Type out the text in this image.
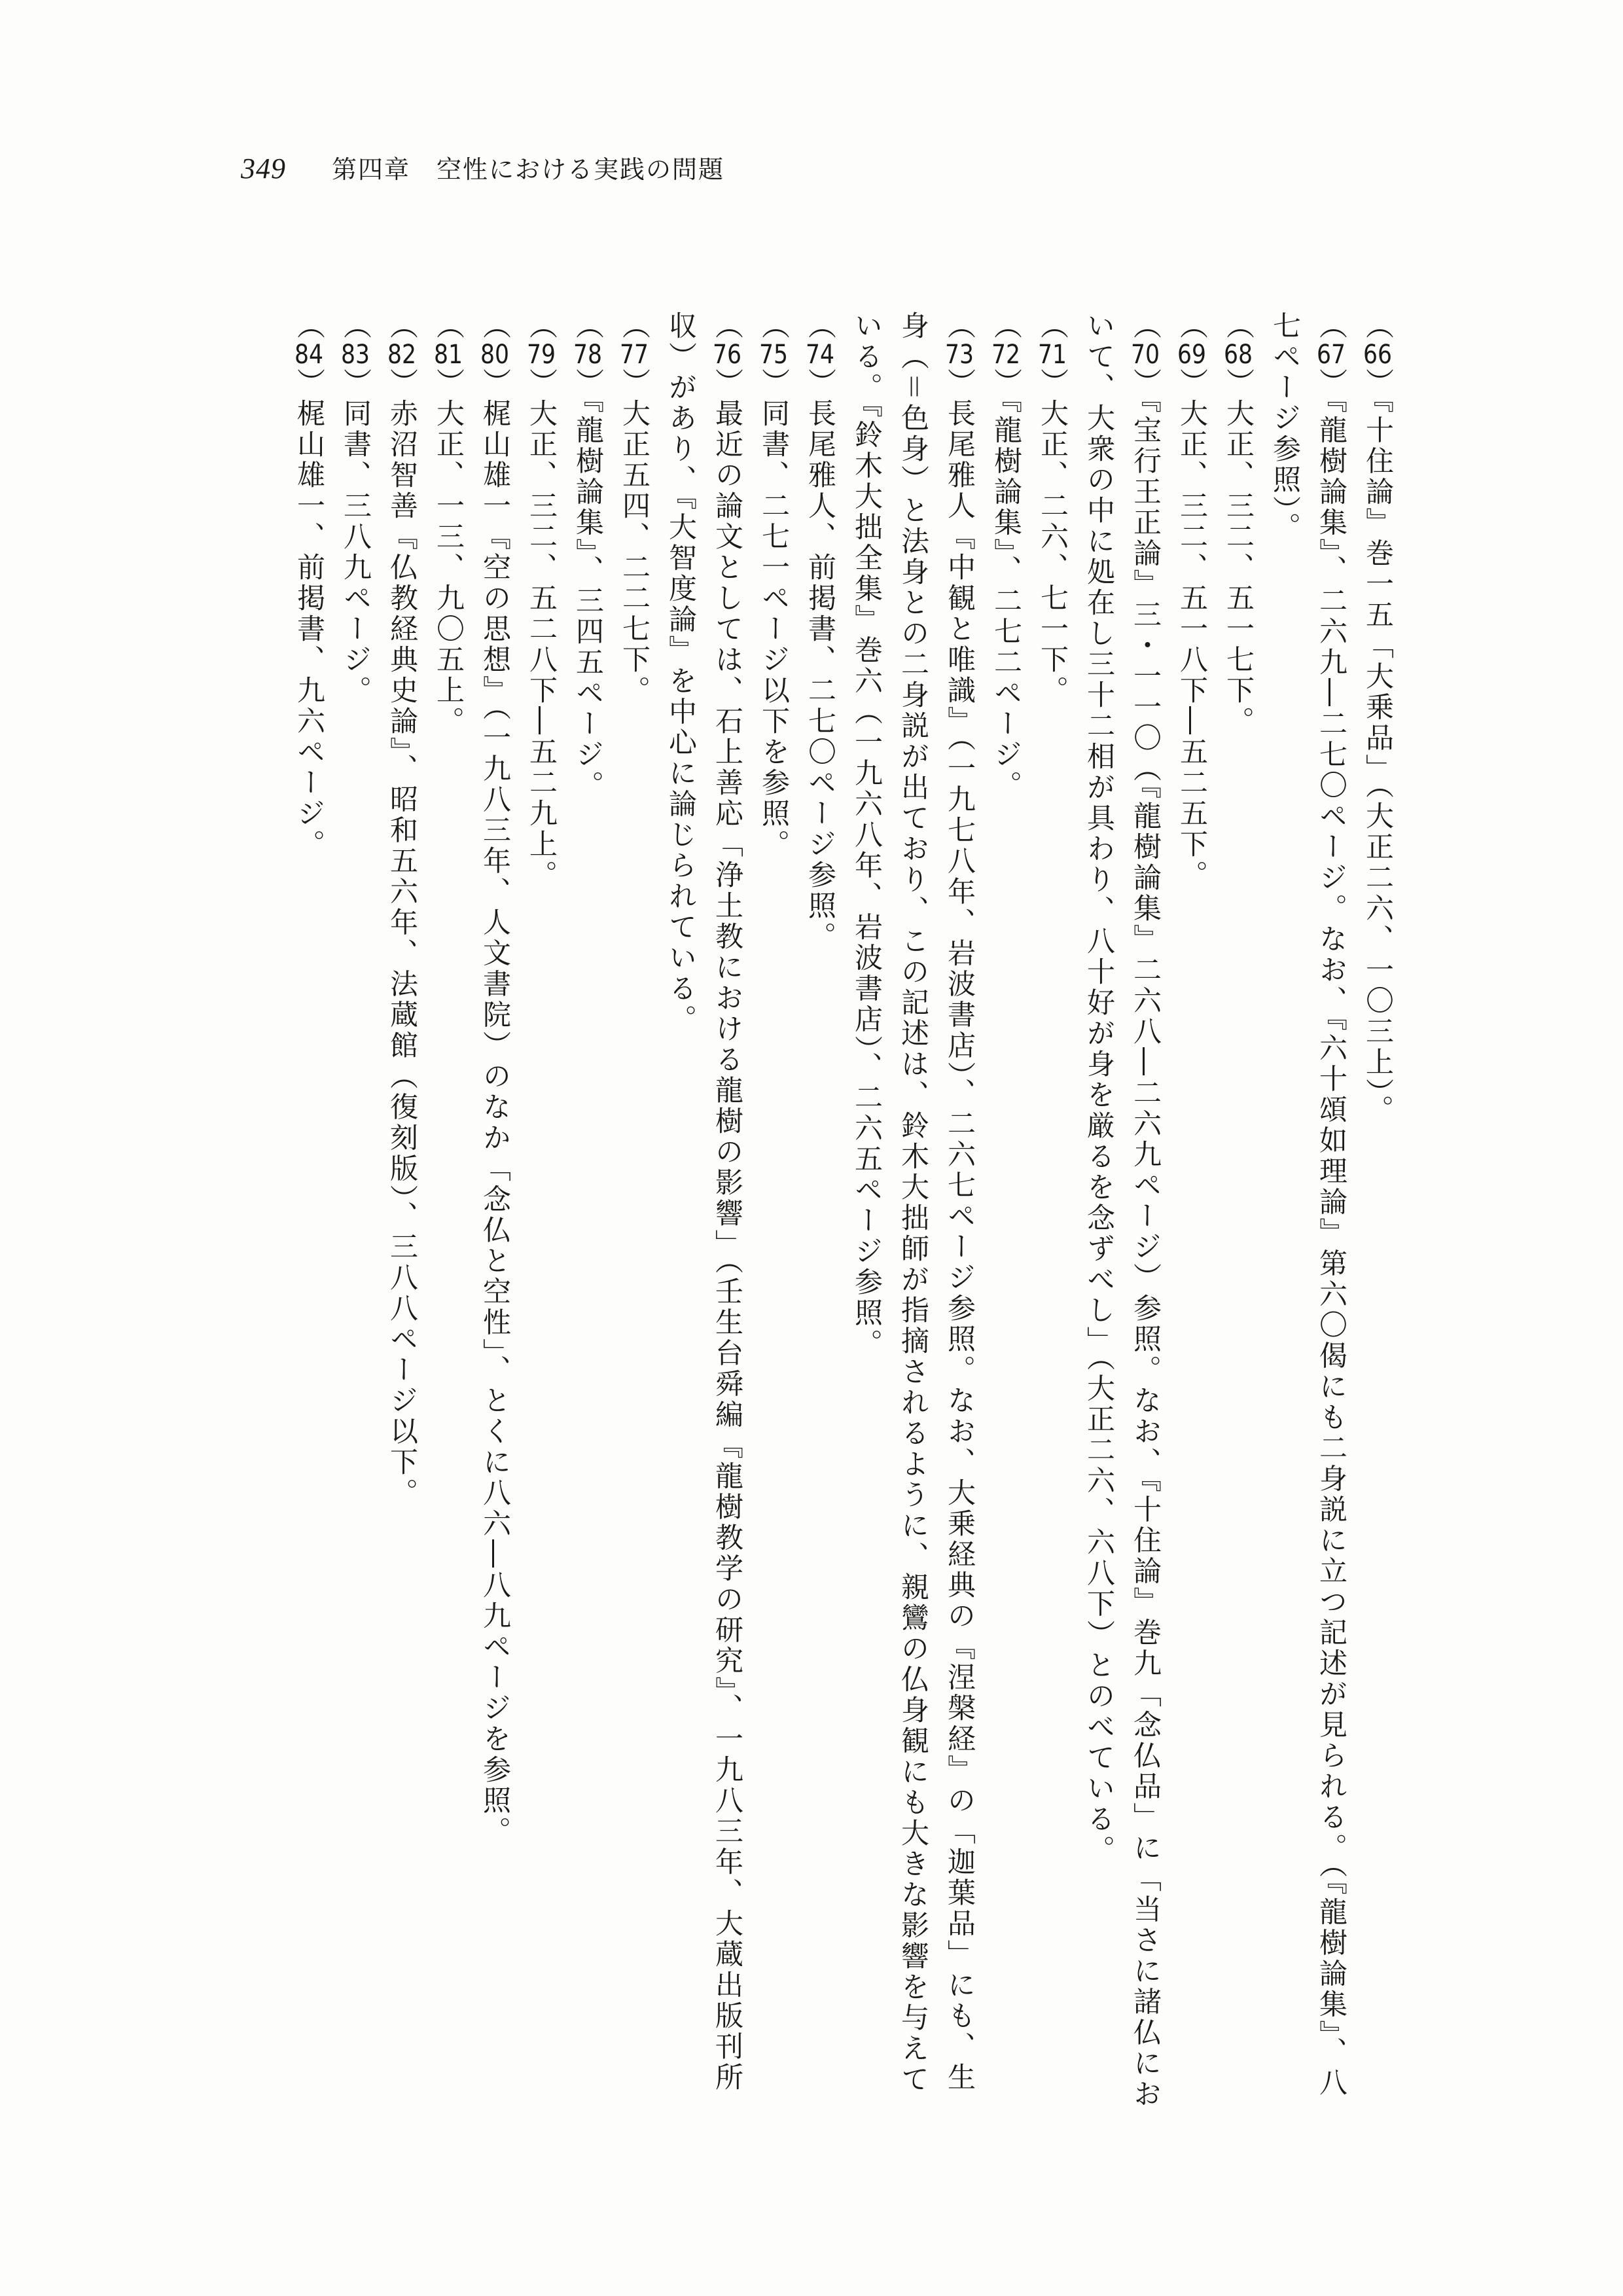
349 第四章　空性における実践の問題

（66）『十住論』巻一五「大乗品」（大正二六、一〇三上）。

（67）『龍樹論集』、二六九―二七〇ページ。なお、『六十頌如理論』第六〇偈にも二身説に立つ記述が見られる。（『龍樹論集』、八七ページ参照）。

（68）大正、三二、五一七下。

（69）大正、三二、五一八下―五二五下。

（70）『宝行王正論』三・一一〇（『龍樹論集』二六八―二六九ページ）参照。なお、『十住論』巻九「念仏品」に「当さに諸仏において、大衆の中に処在し三十二相が具わり、八十好が身を厳るを念ずべし」（大正二六、六八下）とのべている。

（71）大正、二六、七一下。

（72）『龍樹論集』、二七二ページ。

（73）長尾雅人『中観と唯識』（一九七八年、岩波書店）、二六七ページ参照。なお、大乗経典の『涅槃経』の「迦葉品」にも、生身（＝色身）と法身との二身説が出ており、この記述は、鈴木大拙師が指摘されるように、親鸞の仏身観にも大きな影響を与えている。『鈴木大拙全集』巻六（一九六八年、岩波書店）、二六五ページ参照。

（74）長尾雅人、前掲書、二七〇ページ参照。

（75）同書、二七一ページ以下を参照。

（76）最近の論文としては、石上善応「浄土教における龍樹の影響」（壬生台舜編『龍樹教学の研究』、一九八三年、大蔵出版刊所収）があり、『大智度論』を中心に論じられている。

（77）大正五四、二二七下。

（78）『龍樹論集』、三四五ページ。

（79）大正、三二、五二八下―五二九上。

（80）梶山雄一『空の思想』（一九八三年、人文書院）のなか「念仏と空性」、とくに八六―八九ページを参照。

（81）大正、一三、九〇五上。

（82）赤沼智善『仏教経典史論』、昭和五六年、法蔵館（復刻版）、三八八ページ以下。

（83）同書、三八九ページ。

（84）梶山雄一、前掲書、九六ページ。
